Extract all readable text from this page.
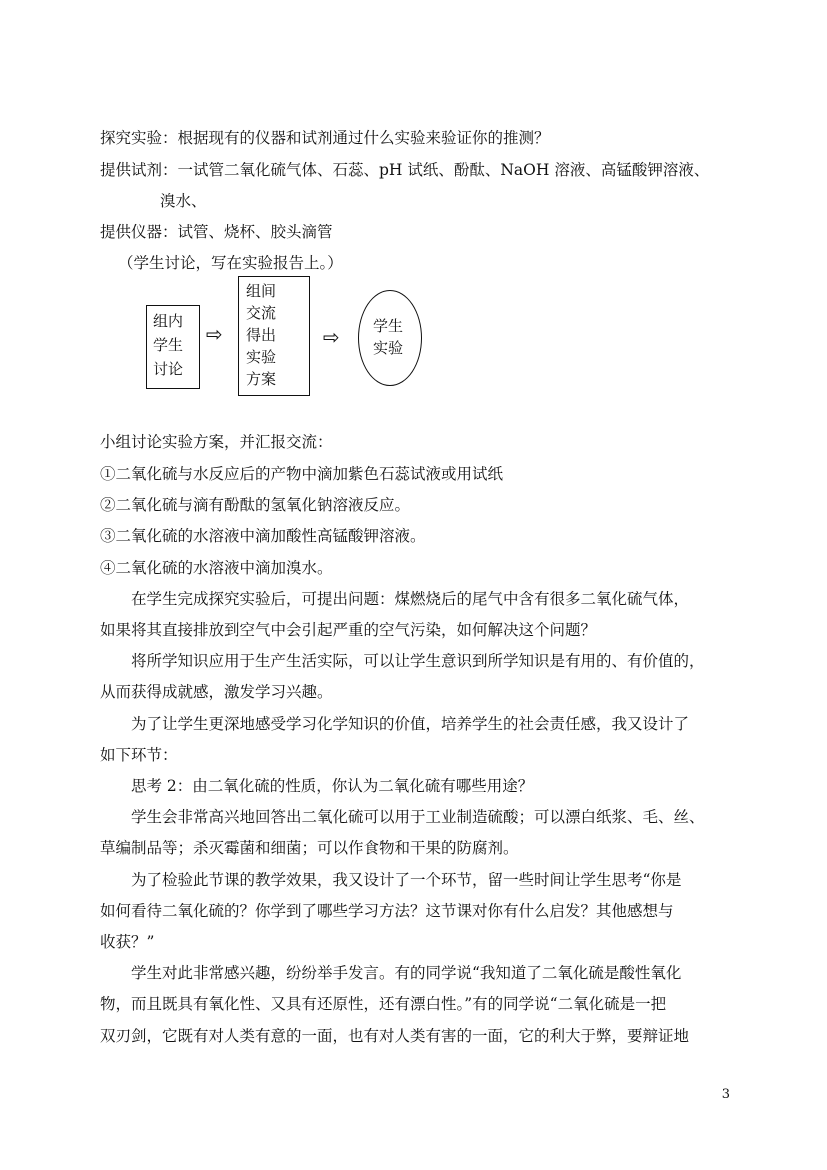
探究实验：根据现有的仪器和试剂通过什么实验来验证你的推测？
提供试剂：一试管二氧化硫气体、石蕊、pH 试纸、酚酞、NaOH 溶液、高锰酸钾溶液、
溴水、
提供仪器：试管、烧杯、胶头滴管
（学生讨论，写在实验报告上。）
组内
学生
讨论
⇨
组间
交流
得出
实验
方案
⇨ 学生
实验
小组讨论实验方案，并汇报交流：
①二氧化硫与水反应后的产物中滴加紫色石蕊试液或用试纸
②二氧化硫与滴有酚酞的氢氧化钠溶液反应。
③二氧化硫的水溶液中滴加酸性高锰酸钾溶液。
④二氧化硫的水溶液中滴加溴水。
在学生完成探究实验后，可提出问题：煤燃烧后的尾气中含有很多二氧化硫气体，
如果将其直接排放到空气中会引起严重的空气污染，如何解决这个问题？
将所学知识应用于生产生活实际，可以让学生意识到所学知识是有用的、有价值的，
从而获得成就感，激发学习兴趣。
为了让学生更深地感受学习化学知识的价值，培养学生的社会责任感，我又设计了
如下环节：
思考 2：由二氧化硫的性质，你认为二氧化硫有哪些用途？
学生会非常高兴地回答出二氧化硫可以用于工业制造硫酸；可以漂白纸浆、毛、丝、
草编制品等；杀灭霉菌和细菌；可以作食物和干果的防腐剂。
为了检验此节课的教学效果，我又设计了一个环节，留一些时间让学生思考“你是
如何看待二氧化硫的？你学到了哪些学习方法？这节课对你有什么启发？其他感想与
收获？”
学生对此非常感兴趣，纷纷举手发言。有的同学说“我知道了二氧化硫是酸性氧化
物，而且既具有氧化性、又具有还原性，还有漂白性。”有的同学说“二氧化硫是一把
双刃剑，它既有对人类有意的一面，也有对人类有害的一面，它的利大于弊，要辩证地
3
